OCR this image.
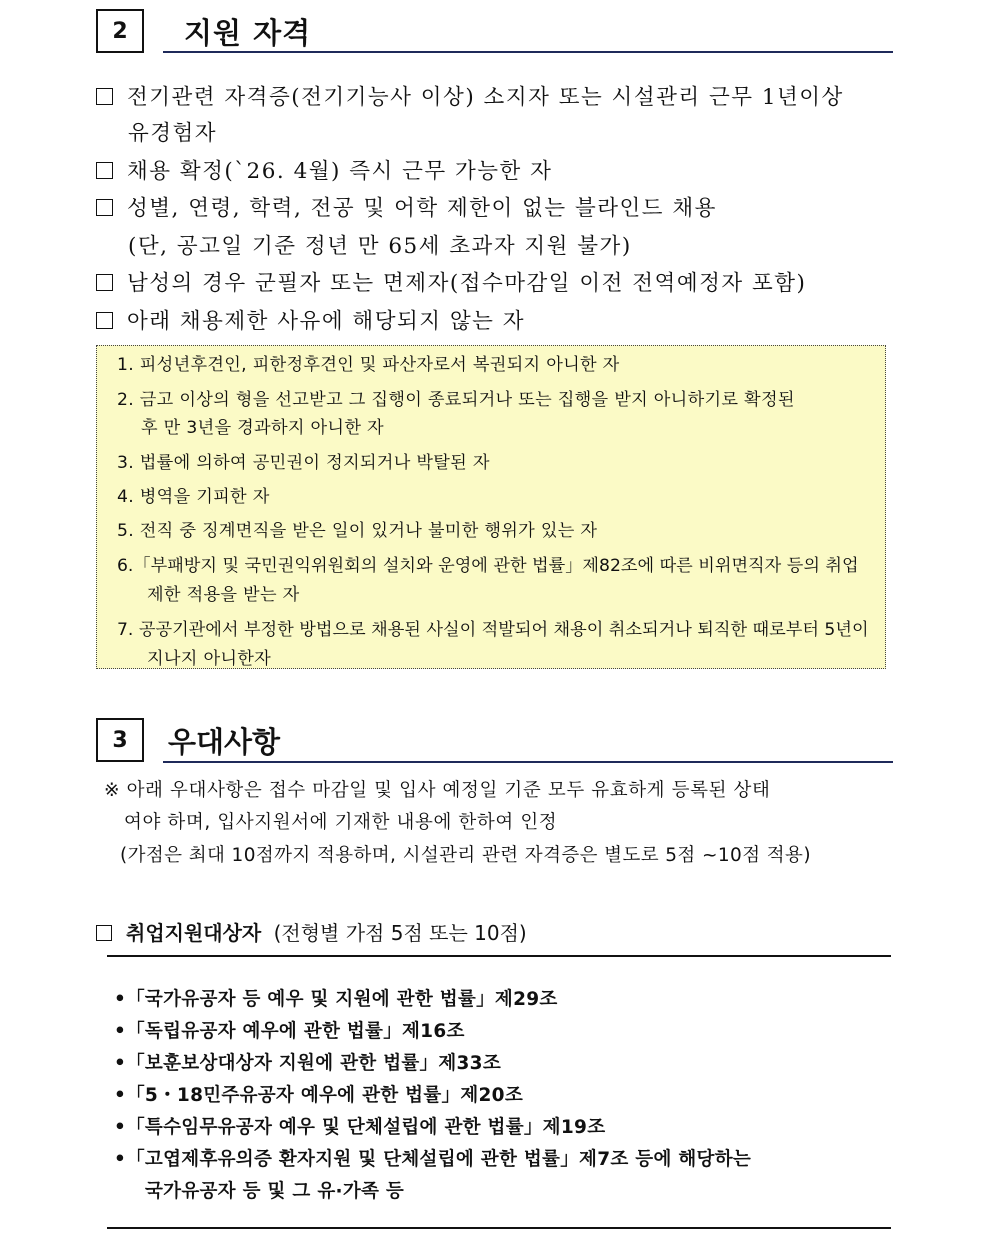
2 지원 자격
전기관련 자격증(전기기능사 이상) 소지자 또는 시설관리 근무 1년이상
유경험자
채용 확정(`26. 4월) 즉시 근무 가능한 자
성별, 연령, 학력, 전공 및 어학 제한이 없는 블라인드 채용
(단, 공고일 기준 정년 만 65세 초과자 지원 불가)
남성의 경우 군필자 또는 면제자(접수마감일 이전 전역예정자 포함)
아래 채용제한 사유에 해당되지 않는 자
1. 피성년후견인, 피한정후견인 및 파산자로서 복권되지 아니한 자
2. 금고 이상의 형을 선고받고 그 집행이 종료되거나 또는 집행을 받지 아니하기로 확정된
후 만 3년을 경과하지 아니한 자
3. 법률에 의하여 공민권이 정지되거나 박탈된 자
4. 병역을 기피한 자
5. 전직 중 징계면직을 받은 일이 있거나 불미한 행위가 있는 자
6.「부패방지 및 국민권익위원회의 설치와 운영에 관한 법률」제82조에 따른 비위면직자 등의 취업
제한 적용을 받는 자
7. 공공기관에서 부정한 방법으로 채용된 사실이 적발되어 채용이 취소되거나 퇴직한 때로부터 5년이
지나지 아니한자
3 우대사항
※ 아래 우대사항은 접수 마감일 및 입사 예정일 기준 모두 유효하게 등록된 상태
여야 하며, 입사지원서에 기재한 내용에 한하여 인정
(가점은 최대 10점까지 적용하며, 시설관리 관련 자격증은 별도로 5점 ~10점 적용)
취업지원대상자 (전형별 가점 5점 또는 10점)
•「국가유공자 등 예우 및 지원에 관한 법률」제29조
•「독립유공자 예우에 관한 법률」제16조
•「보훈보상대상자 지원에 관한 법률」제33조
•「5・18민주유공자 예우에 관한 법률」제20조
•「특수임무유공자 예우 및 단체설립에 관한 법률」제19조
•「고엽제후유의증 환자지원 및 단체설립에 관한 법률」제7조 등에 해당하는
국가유공자 등 및 그 유·가족 등
